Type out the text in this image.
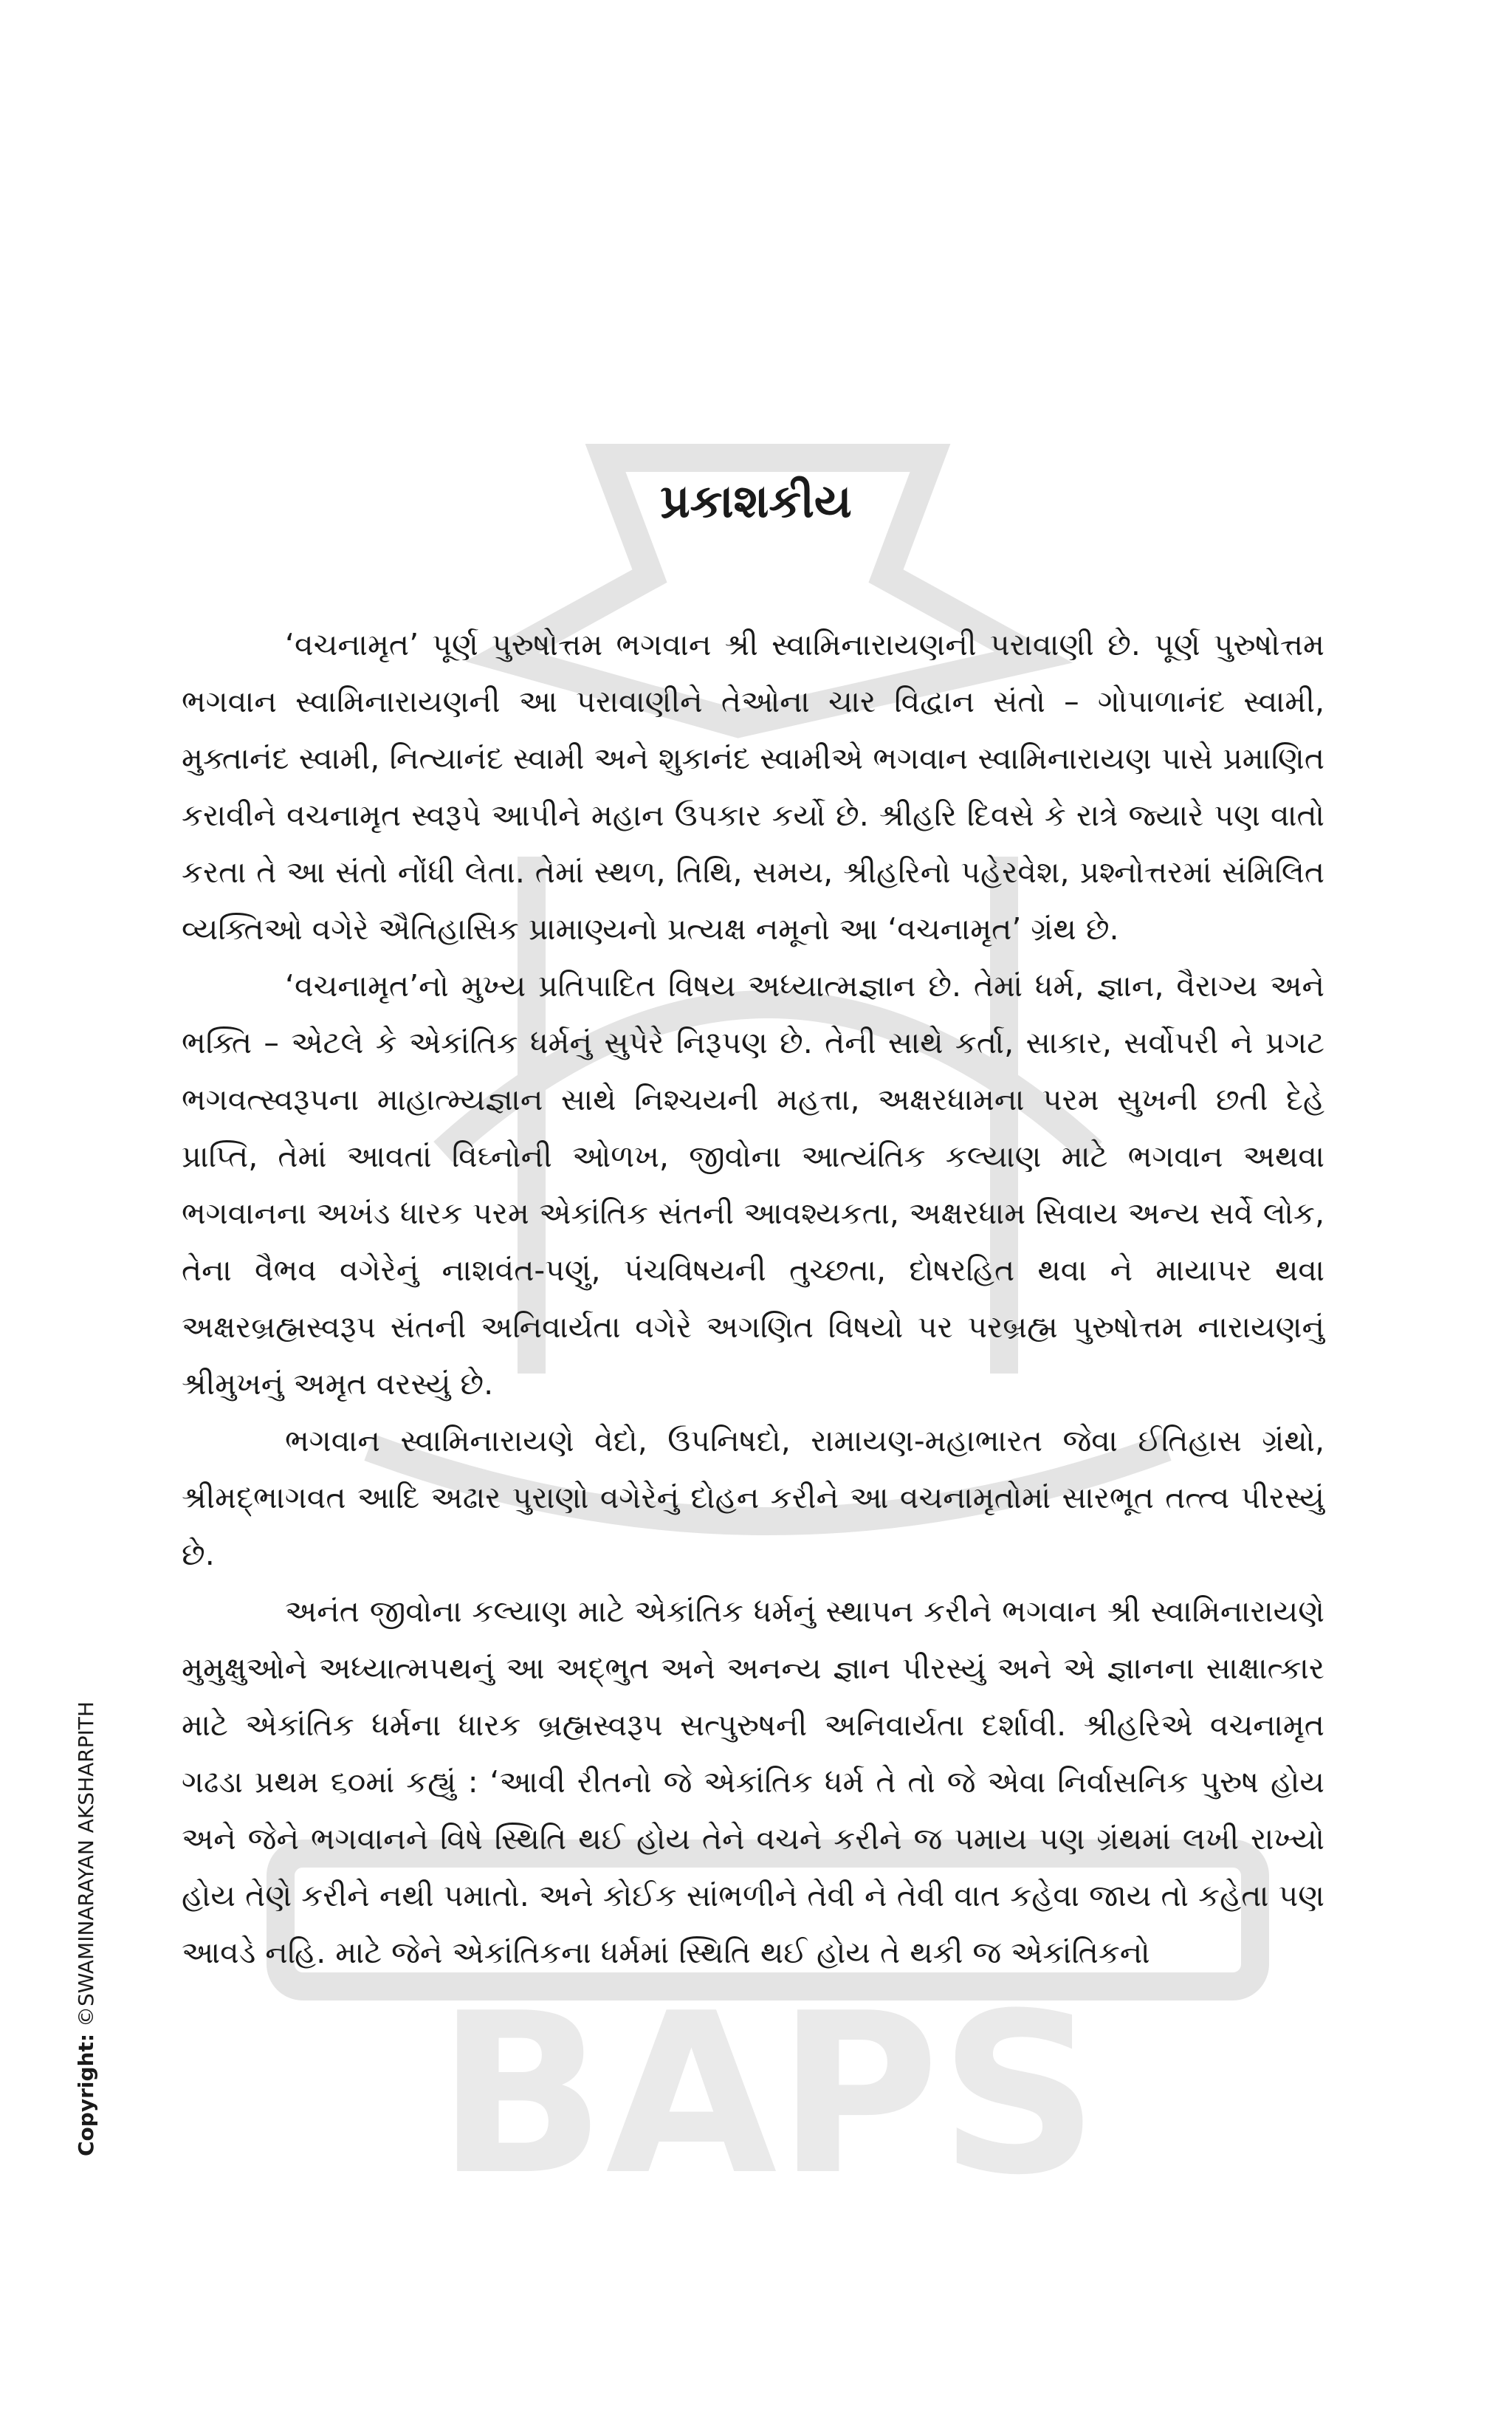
BAPS
પ્રકાશકીય

‘વચનામૃત’ પૂર્ણ પુરુષોત્તમ ભગવાન શ્રી સ્વામિનારાયણની પરાવાણી છે. પૂર્ણ પુરુષોત્તમ ભગવાન સ્વામિનારાયણની આ પરાવાણીને તેઓના ચાર વિદ્વાન સંતો – ગોપાળાનંદ સ્વામી, મુક્તાનંદ સ્વામી, નિત્યાનંદ સ્વામી અને શુકાનંદ સ્વામીએ ભગવાન સ્વામિનારાયણ પાસે પ્રમાણિત કરાવીને વચનામૃત સ્વરૂપે આપીને મહાન ઉપકાર કર્યો છે. શ્રીહરિ દિવસે કે રાત્રે જ્યારે પણ વાતો કરતા તે આ સંતો નોંધી લેતા. તેમાં સ્થળ, તિથિ, સમય, શ્રીહરિનો પહેરવેશ, પ્રશ્નોત્તરમાં સંમિલિત વ્યક્તિઓ વગેરે ઐતિહાસિક પ્રામાણ્યનો પ્રત્યક્ષ નમૂનો આ ‘વચનામૃત’ ગ્રંથ છે.

‘વચનામૃત’નો મુખ્ય પ્રતિપાદિત વિષય અધ્યાત્મજ્ઞાન છે. તેમાં ધર્મ, જ્ઞાન, વૈરાગ્ય અને ભક્તિ – એટલે કે એકાંતિક ધર્મનું સુપેરે નિરૂપણ છે. તેની સાથે કર્તા, સાકાર, સર્વોપરી ને પ્રગટ ભગવત્સ્વરૂપના માહાત્મ્યજ્ઞાન સાથે નિશ્ચયની મહત્તા, અક્ષરધામના પરમ સુખની છતી દેહે પ્રાપ્તિ, તેમાં આવતાં વિઘ્નોની ઓળખ, જીવોના આત્યંતિક કલ્યાણ માટે ભગવાન અથવા ભગવાનના અખંડ ધારક પરમ એકાંતિક સંતની આવશ્યકતા, અક્ષરધામ સિવાય અન્ય સર્વે લોક, તેના વૈભવ વગેરેનું નાશવંત-પણું, પંચવિષયની તુચ્છતા, દોષરહિત થવા ને માયાપર થવા અક્ષરબ્રહ્મસ્વરૂપ સંતની અનિવાર્યતા વગેરે અગણિત વિષયો પર પરબ્રહ્મ પુરુષોત્તમ નારાયણનું શ્રીમુખનું અમૃત વરસ્યું છે.

ભગવાન સ્વામિનારાયણે વેદો, ઉપનિષદો, રામાયણ-મહાભારત જેવા ઈતિહાસ ગ્રંથો, શ્રીમદ્‌ભાગવત આદિ અઢાર પુરાણો વગેરેનું દોહન કરીને આ વચનામૃતોમાં સારભૂત તત્ત્વ પીરસ્યું છે.

અનંત જીવોના કલ્યાણ માટે એકાંતિક ધર્મનું સ્થાપન કરીને ભગવાન શ્રી સ્વામિનારાયણે મુમુક્ષુઓને અધ્યાત્મપથનું આ અદ્‌ભુત અને અનન્ય જ્ઞાન પીરસ્યું અને એ જ્ઞાનના સાક્ષાત્કાર માટે એકાંતિક ધર્મના ધારક બ્રહ્મસ્વરૂપ સત્પુરુષની અનિવાર્યતા દર્શાવી. શ્રીહરિએ વચનામૃત ગઢડા પ્રથમ ૬૦માં કહ્યું : ‘આવી રીતનો જે એકાંતિક ધર્મ તે તો જે એવા નિર્વાસનિક પુરુષ હોય અને જેને ભગવાનને વિષે સ્થિતિ થઈ હોય તેને વચને કરીને જ પમાય પણ ગ્રંથમાં લખી રાખ્યો હોય તેણે કરીને નથી પમાતો. અને કોઈક સાંભળીને તેવી ને તેવી વાત કહેવા જાય તો કહેતા પણ આવડે નહિ. માટે જેને એકાંતિકના ધર્મમાં સ્થિતિ થઈ હોય તે થકી જ એકાંતિકનો

Copyright: ©SWAMINARAYAN AKSHARPITH
